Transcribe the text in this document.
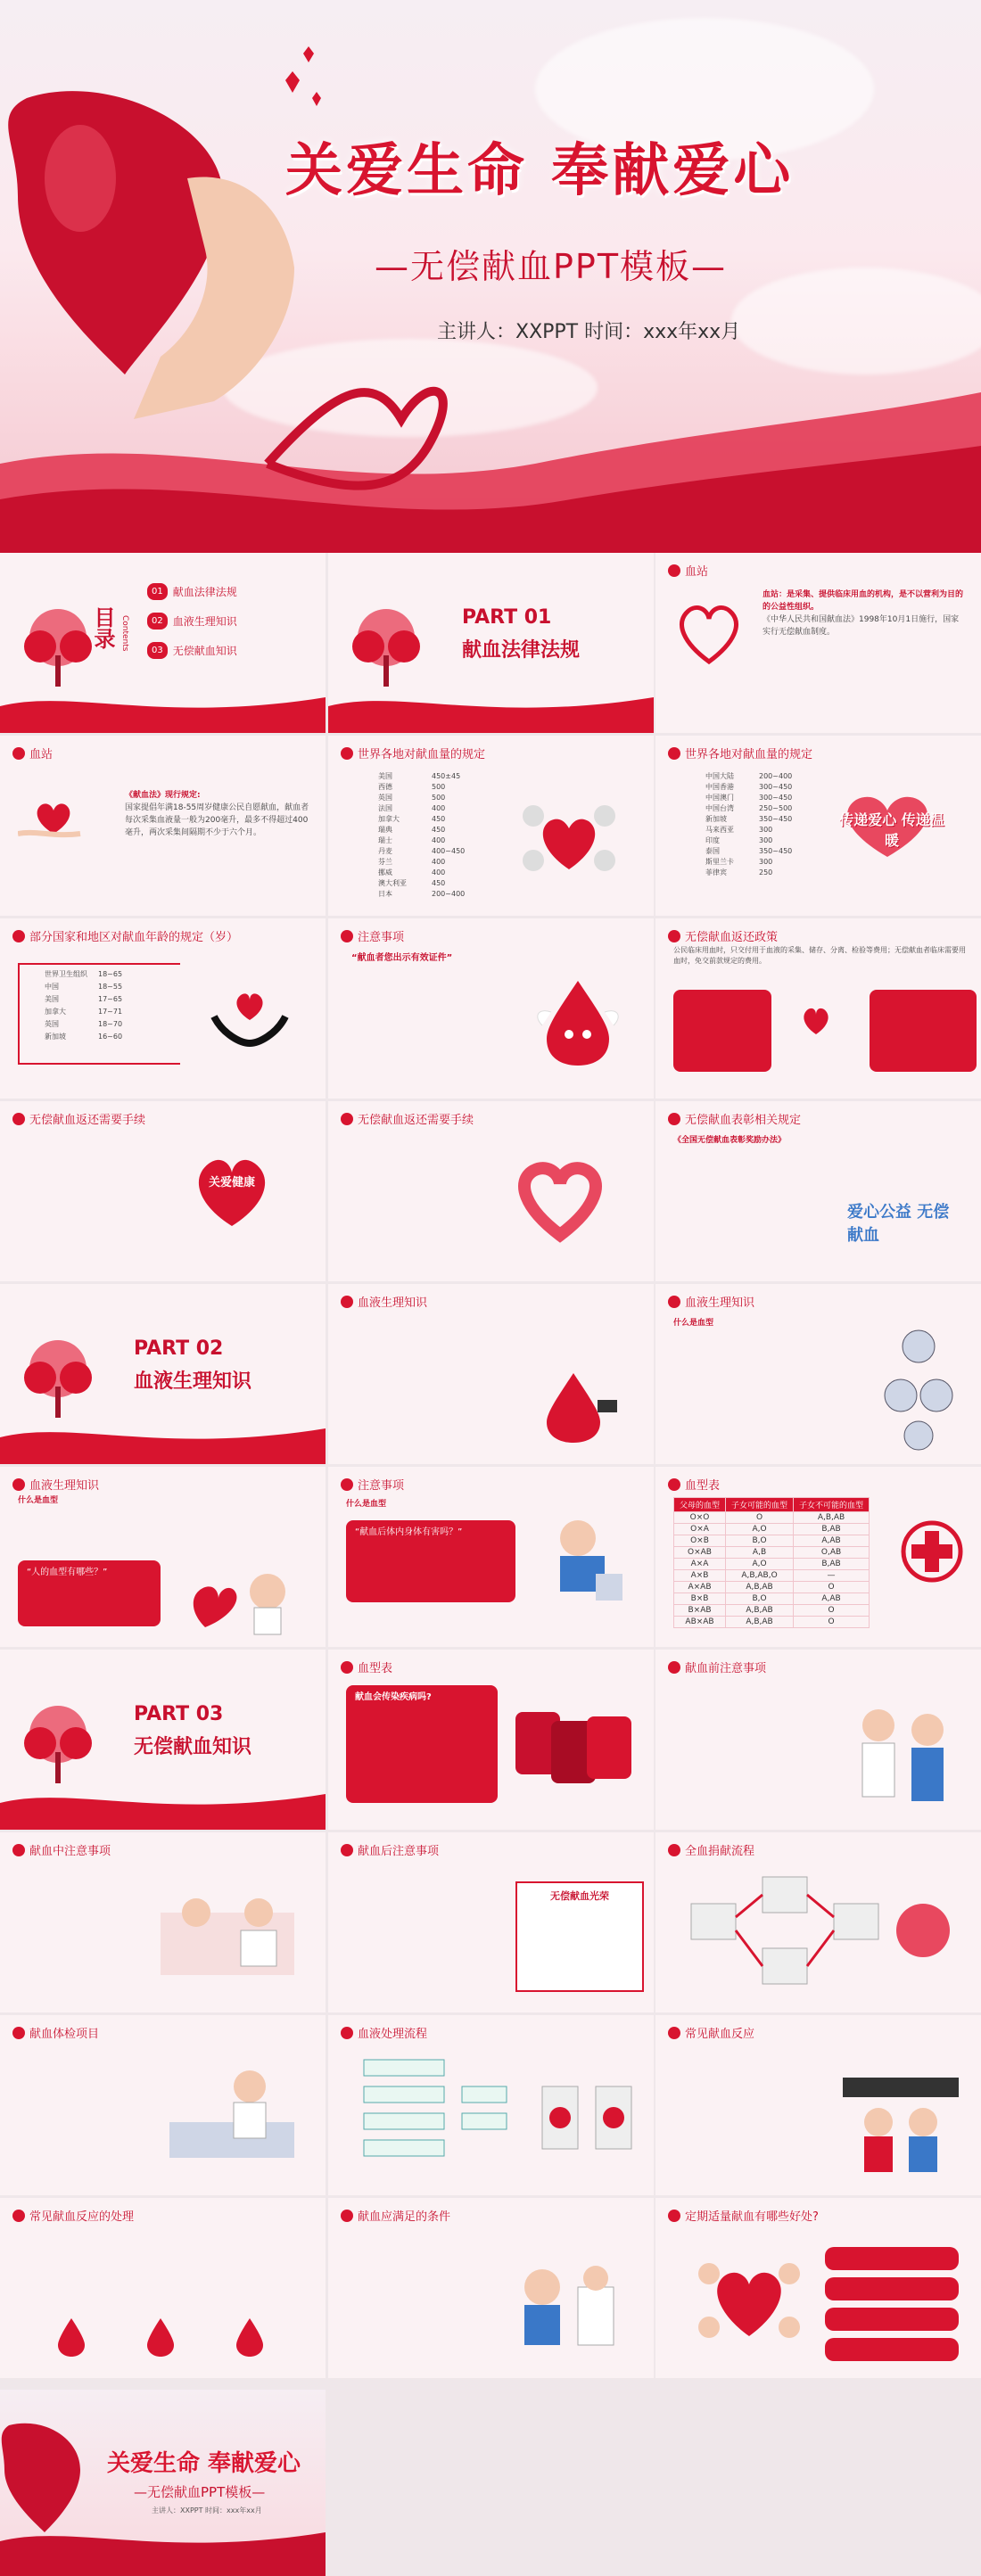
关爱生命 奉献爱心
—无偿献血PPT模板—
主讲人：XXPPT 时间：xxx年xx月
目录 Contents
01 献血法律法规
02 血液生理知识
03 无偿献血知识
PART 01
献血法律法规
血站
血站：是采集、提供临床用血的机构，是不以营利为目的的公益性组织。
《中华人民共和国献血法》1998年10月1日施行，国家实行无偿献血制度。
血站
《献血法》现行规定:
国家提倡年满18-55周岁健康公民自愿献血，献血者每次采集血液量一般为200毫升，最多不得超过400毫升，两次采集间隔期不少于六个月。
世界各地对献血量的规定
美国	450±45
西德	500
英国	500
法国	400
加拿大	450
瑞典	450
瑞士	400
丹麦	400~450
芬兰	400
挪威	400
澳大利亚	450
日本	200~400
世界各地对献血量的规定
中国大陆	200~400
中国香港	300~450
中国澳门	300~450
中国台湾	250~500
新加坡	350~450
马来西亚	300
印度	300
泰国	350~450
斯里兰卡	300
菲律宾	250
传递爱心 传递温暖
部分国家和地区对献血年龄的规定（岁）
世界卫生组织 18~65
中国	18~55
美国	17~65
加拿大	17~71
英国	18~70
新加坡	16~60
注意事项
“献血者您出示有效证件”
无偿献血返还政策
公民临床用血时，只交付用于血液的采集、储存、分离、检验等费用；无偿献血者临床需要用血时，免交前款规定的费用。
无偿献血返还需要手续
关爱健康
无偿献血返还需要手续	无偿献血表彰相关规定
《全国无偿献血表彰奖励办法》
爱心公益 无偿献血
PART 02
血液生理知识
血液生理知识	血液生理知识
什么是血型
血液生理知识
什么是血型
“人的血型有哪些？”
注意事项
什么是血型
“献血后体内身体有害吗？”
血型表
父母的血型	子女可能的血型	子女不可能的血型
O×O	O	A,B,AB
O×A	A,O	B,AB
O×B	B,O	A,AB
O×AB	A,B	O,AB
A×A	A,O	B,AB
A×B	A,B,AB,O	—
A×AB	A,B,AB	O
B×B	B,O	A,AB
B×AB	A,B,AB	O
AB×AB	A,B,AB	O
PART 03
无偿献血知识
血型表
献血会传染疾病吗?
献血前注意事项
献血中注意事项	献血后注意事项
无偿献血光荣
全血捐献流程
献血体检项目	血液处理流程	常见献血反应
常见献血反应的处理	献血应满足的条件	定期适量献血有哪些好处?
关爱生命 奉献爱心
—无偿献血PPT模板—
主讲人：XXPPT 时间：xxx年xx月
